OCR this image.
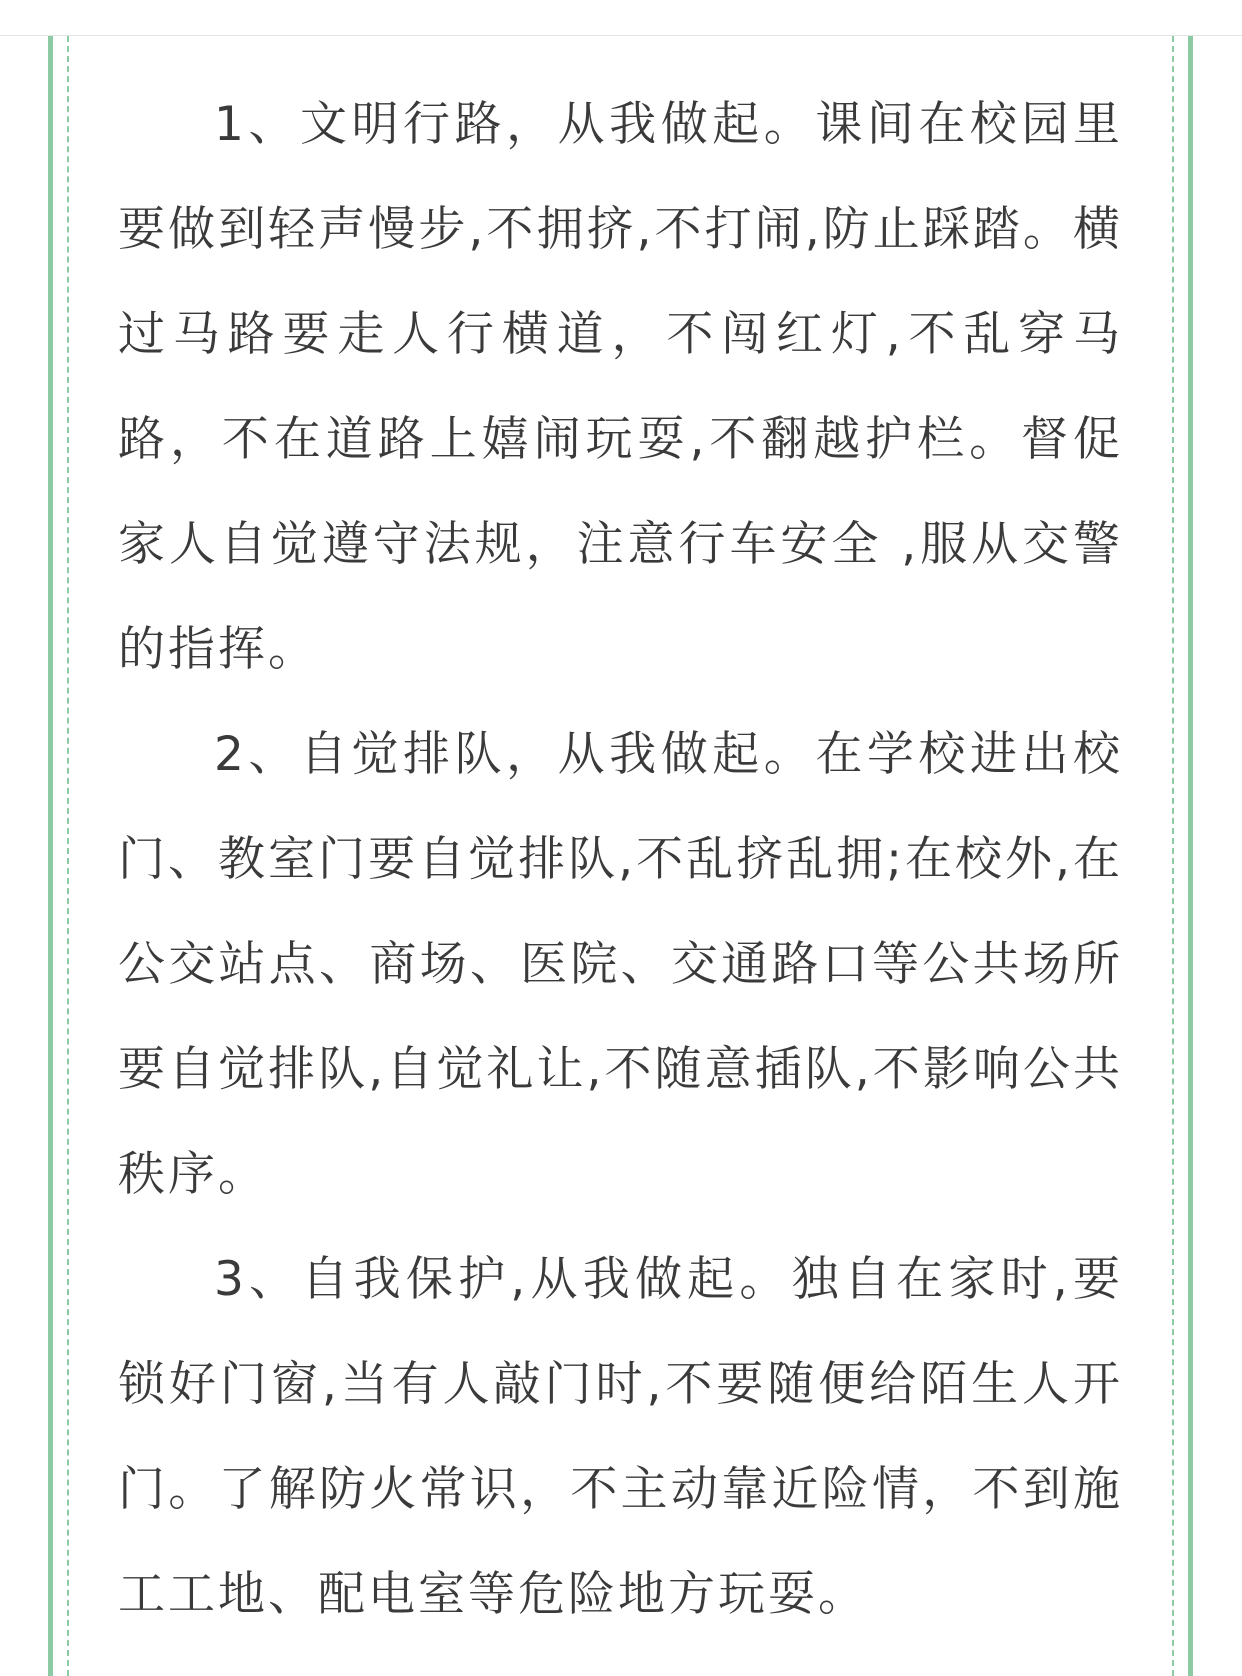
1、文明行路，从我做起。课间在校园里要做到轻声慢步,不拥挤,不打闹,防止踩踏。横过马路要走人行横道，不闯红灯,不乱穿马路，不在道路上嬉闹玩耍,不翻越护栏。督促家人自觉遵守法规，注意行车安全 ,服从交警的指挥。

2、自觉排队，从我做起。在学校进出校门、教室门要自觉排队,不乱挤乱拥;在校外,在公交站点、商场、医院、交通路口等公共场所要自觉排队,自觉礼让,不随意插队,不影响公共秩序。

3、自我保护,从我做起。独自在家时,要锁好门窗,当有人敲门时,不要随便给陌生人开门。了解防火常识，不主动靠近险情，不到施工工地、配电室等危险地方玩耍。
